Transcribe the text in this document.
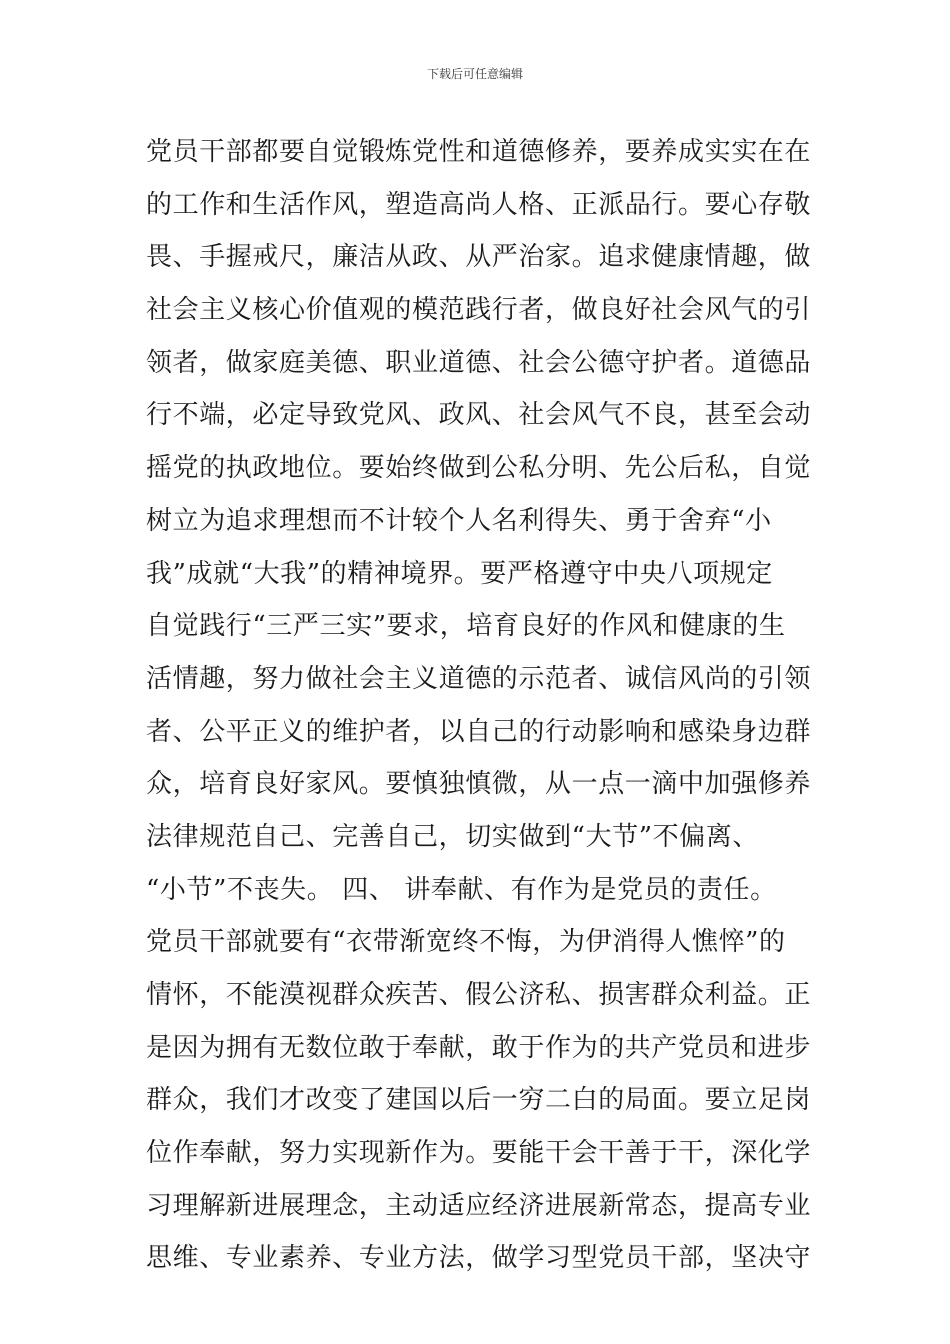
下载后可任意编辑
党员干部都要自觉锻炼党性和道德修养，要养成实实在在
的工作和生活作风，塑造高尚人格、正派品行。要心存敬
畏、手握戒尺，廉洁从政、从严治家。追求健康情趣，做
社会主义核心价值观的模范践行者，做良好社会风气的引
领者，做家庭美德、职业道德、社会公德守护者。道德品
行不端，必定导致党风、政风、社会风气不良，甚至会动
摇党的执政地位。要始终做到公私分明、先公后私，自觉
树立为追求理想而不计较个人名利得失、勇于舍弃“小
我”成就“大我”的精神境界。要严格遵守中央八项规定
自觉践行“三严三实”要求，培育良好的作风和健康的生
活情趣，努力做社会主义道德的示范者、诚信风尚的引领
者、公平正义的维护者，以自己的行动影响和感染身边群
众，培育良好家风。要慎独慎微，从一点一滴中加强修养
法律规范自己、完善自己，切实做到“大节”不偏离、
“小节”不丧失。 四、 讲奉献、有作为是党员的责任。
党员干部就要有“衣带渐宽终不悔，为伊消得人憔悴”的
情怀，不能漠视群众疾苦、假公济私、损害群众利益。正
是因为拥有无数位敢于奉献，敢于作为的共产党员和进步
群众，我们才改变了建国以后一穷二白的局面。要立足岗
位作奉献，努力实现新作为。要能干会干善于干，深化学
习理解新进展理念，主动适应经济进展新常态，提高专业
思维、专业素养、专业方法，做学习型党员干部，坚决守
